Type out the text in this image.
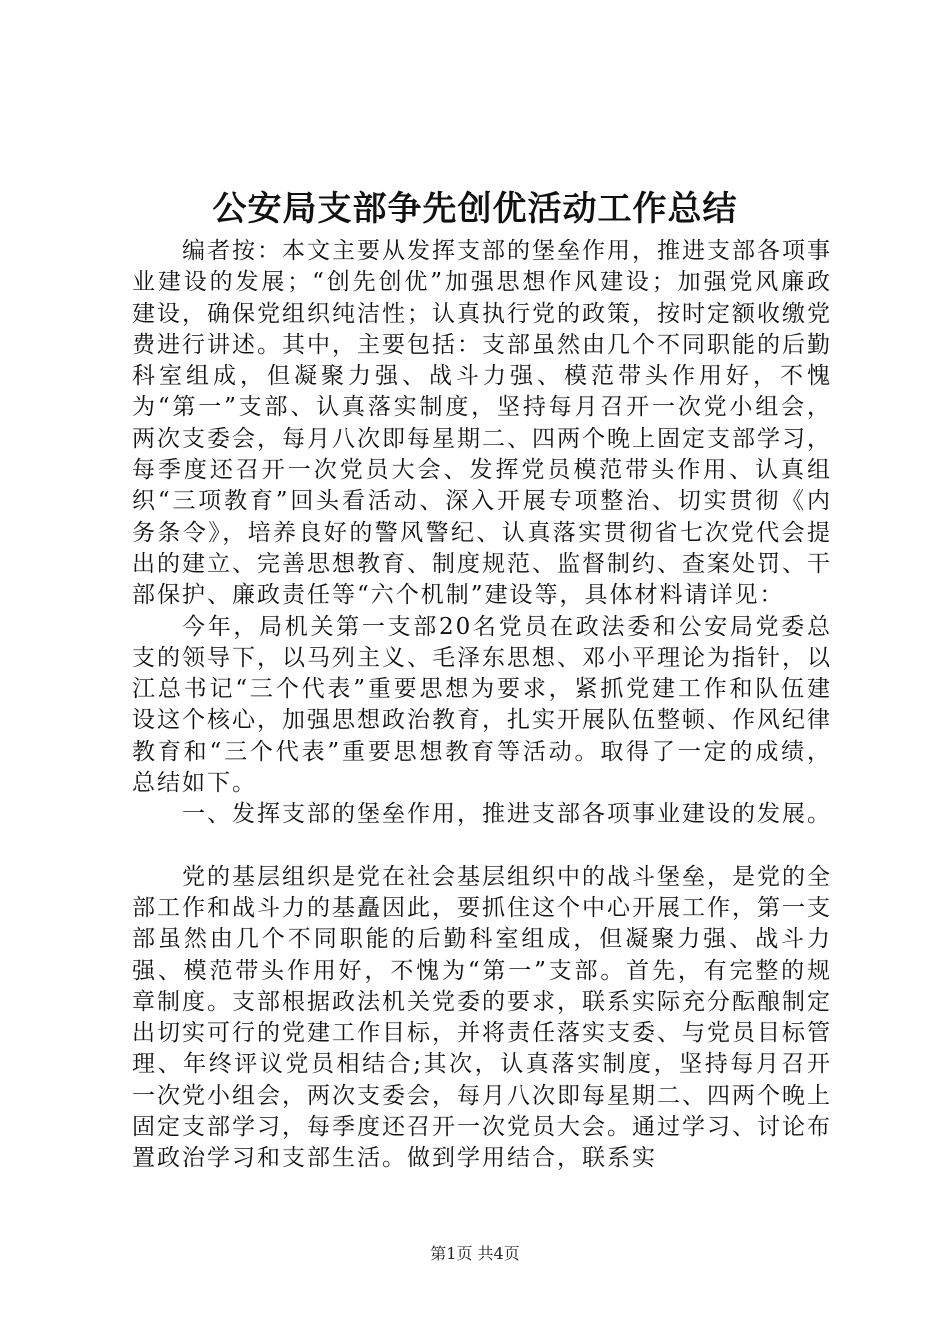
公安局支部争先创优活动工作总结

编者按：本文主要从发挥支部的堡垒作用，推进支部各项事业建设的发展；“创先创优”加强思想作风建设；加强党风廉政建设，确保党组织纯洁性；认真执行党的政策，按时定额收缴党费进行讲述。其中，主要包括：支部虽然由几个不同职能的后勤科室组成，但凝聚力强、战斗力强、模范带头作用好，不愧为“第一”支部、认真落实制度，坚持每月召开一次党小组会，两次支委会，每月八次即每星期二、四两个晚上固定支部学习，每季度还召开一次党员大会、发挥党员模范带头作用、认真组织“三项教育”回头看活动、深入开展专项整治、切实贯彻《内务条令》，培养良好的警风警纪、认真落实贯彻省七次党代会提出的建立、完善思想教育、制度规范、监督制约、查案处罚、干部保护、廉政责任等“六个机制”建设等，具体材料请详见：

今年，局机关第一支部20名党员在政法委和公安局党委总支的领导下，以马列主义、毛泽东思想、邓小平理论为指针，以江总书记“三个代表”重要思想为要求，紧抓党建工作和队伍建设这个核心，加强思想政治教育，扎实开展队伍整顿、作风纪律教育和“三个代表”重要思想教育等活动。取得了一定的成绩，总结如下。

一、发挥支部的堡垒作用，推进支部各项事业建设的发展。

党的基层组织是党在社会基层组织中的战斗堡垒，是党的全部工作和战斗力的基矗因此，要抓住这个中心开展工作，第一支部虽然由几个不同职能的后勤科室组成，但凝聚力强、战斗力强、模范带头作用好，不愧为“第一”支部。首先，有完整的规章制度。支部根据政法机关党委的要求，联系实际充分酝酿制定出切实可行的党建工作目标，并将责任落实支委、与党员目标管理、年终评议党员相结合;其次，认真落实制度，坚持每月召开一次党小组会，两次支委会，每月八次即每星期二、四两个晚上固定支部学习，每季度还召开一次党员大会。通过学习、讨论布置政治学习和支部生活。做到学用结合，联系实

第1页 共4页
